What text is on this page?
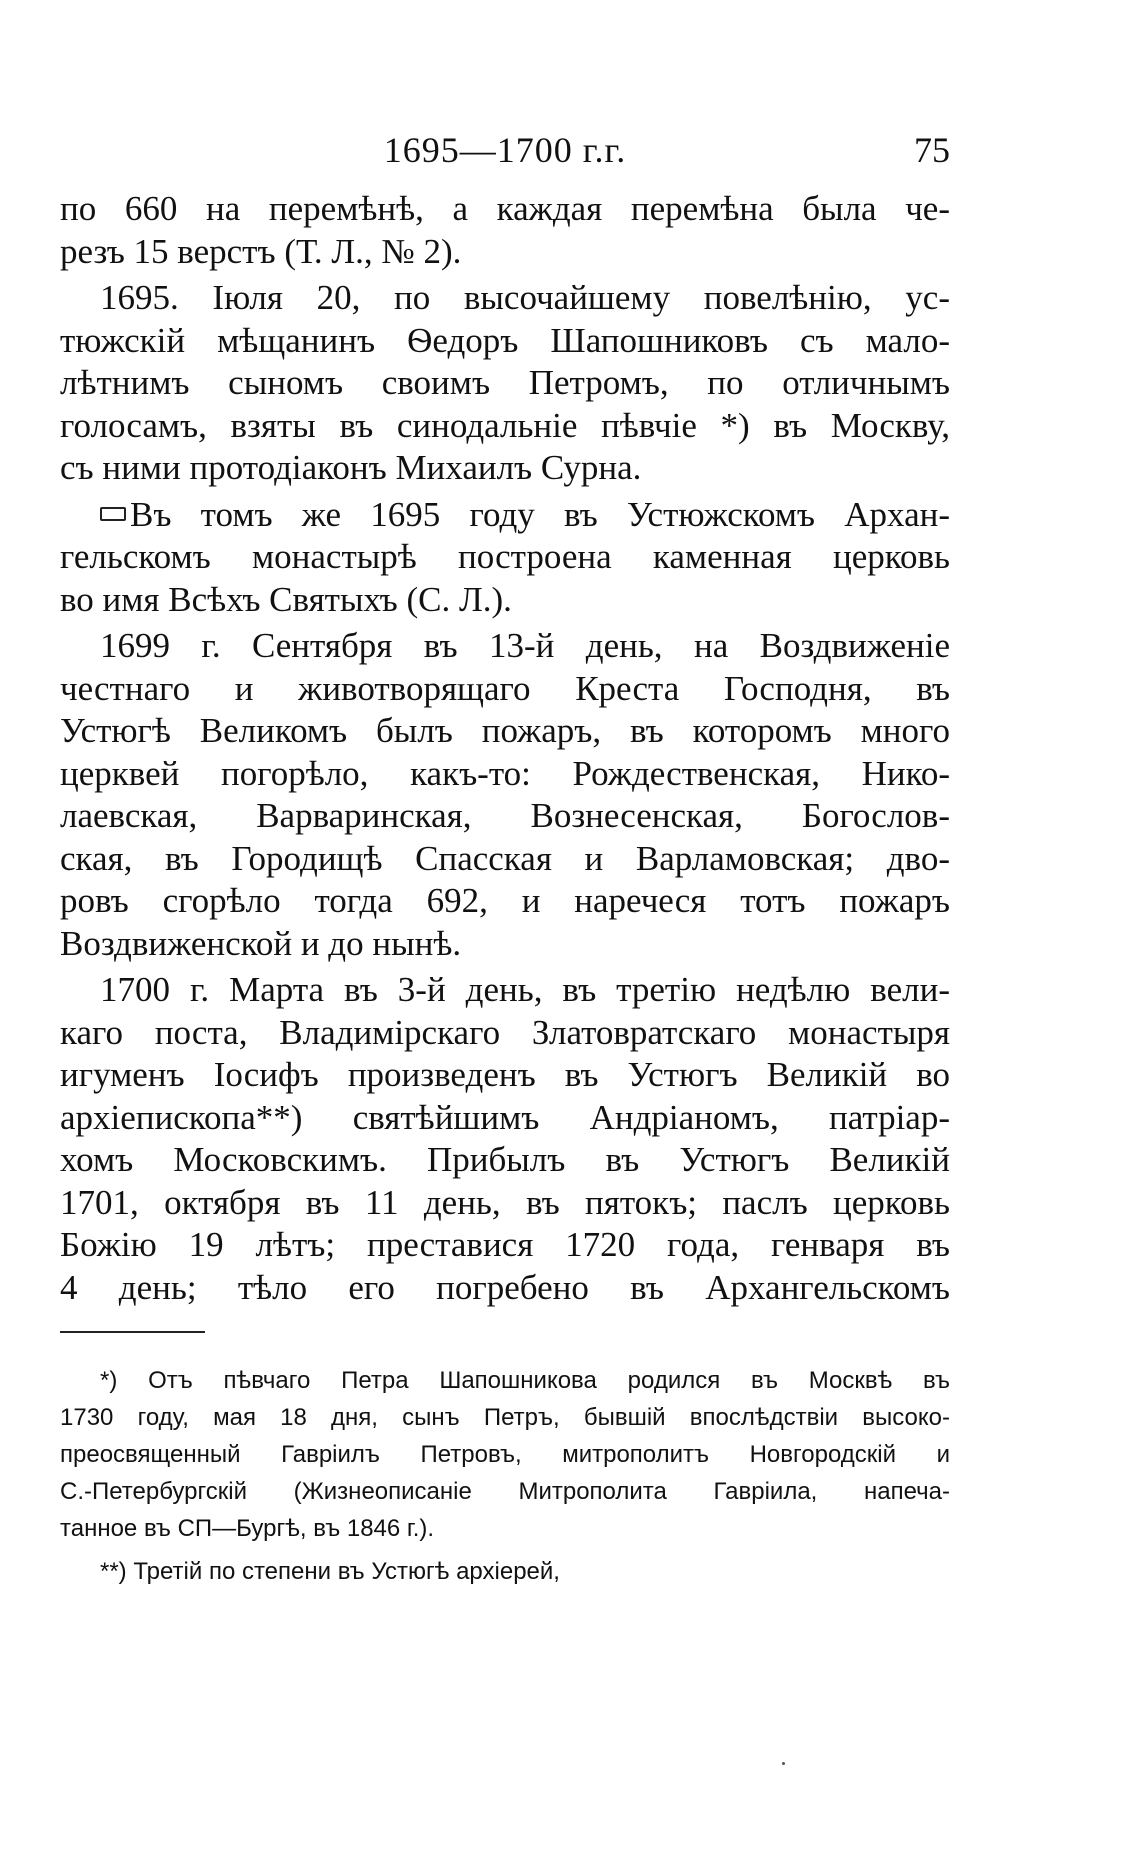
1695—1700 г.г.	75
по 660 на перемѣнѣ, а каждая перемѣна была че-
резъ 15 верстъ (Т. Л., № 2).
1695. Іюля 20, по высочайшему повелѣнію, ус-
тюжскій мѣщанинъ Ѳедоръ Шапошниковъ съ мало-
лѣтнимъ сыномъ своимъ Петромъ, по отличнымъ
голосамъ, взяты въ синодальніе пѣвчіе *) въ Москву,
съ ними протодіаконъ Михаилъ Сурна.
Въ томъ же 1695 году въ Устюжскомъ Архан-
гельскомъ монастырѣ построена каменная церковь
во имя Всѣхъ Святыхъ (С. Л.).
1699 г. Сентября въ 13-й день, на Воздвиженіе
честнаго и животворящаго Креста Господня, въ
Устюгѣ Великомъ былъ пожаръ, въ которомъ много
церквей погорѣло, какъ-то: Рождественская, Нико-
лаевская, Варваринская, Вознесенская, Богослов-
ская, въ Городищѣ Спасская и Варламовская; дво-
ровъ сгорѣло тогда 692, и наречеся тотъ пожаръ
Воздвиженской и до нынѣ.
1700 г. Марта въ 3-й день, въ третію недѣлю вели-
каго поста, Владимірскаго Златовратскаго монастыря
игуменъ Іосифъ произведенъ въ Устюгъ Великій во
архіепископа**) святѣйшимъ Андріаномъ, патріар-
хомъ Московскимъ. Прибылъ въ Устюгъ Великій
1701, октября въ 11 день, въ пятокъ; паслъ церковь
Божію 19 лѣтъ; преставися 1720 года, генваря въ
4 день; тѣло его погребено въ Архангельскомъ
*) Отъ пѣвчаго Петра Шапошникова родился въ Москвѣ въ
1730 году, мая 18 дня, сынъ Петръ, бывшій впослѣдствіи высоко-
преосвященный Гавріилъ Петровъ, митрополитъ Новгородскій и
С.-Петербургскій (Жизнеописаніе Митрополита Гавріила, напеча-
танное въ СП—Бургѣ, въ 1846 г.).
**) Третій по степени въ Устюгѣ архіерей,
